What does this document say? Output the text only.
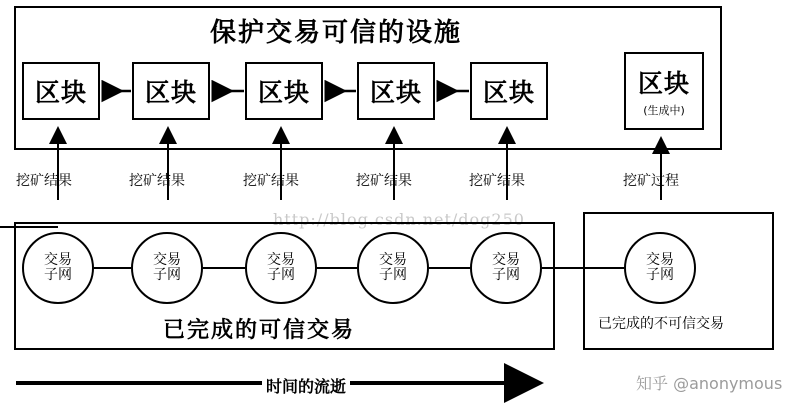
保护交易可信的设施
区块 区块 区块 区块 区块	区块
(生成中)
挖矿结果	挖矿结果	挖矿结果	挖矿结果	挖矿结果	挖矿过程
http://blog.csdn.net/dog250
已完成的可信交易	已完成的不可信交易
交易
子网
交易
子网
交易
子网
交易
子网
交易
子网
交易
子网
时间的流逝	知乎 @anonymous
